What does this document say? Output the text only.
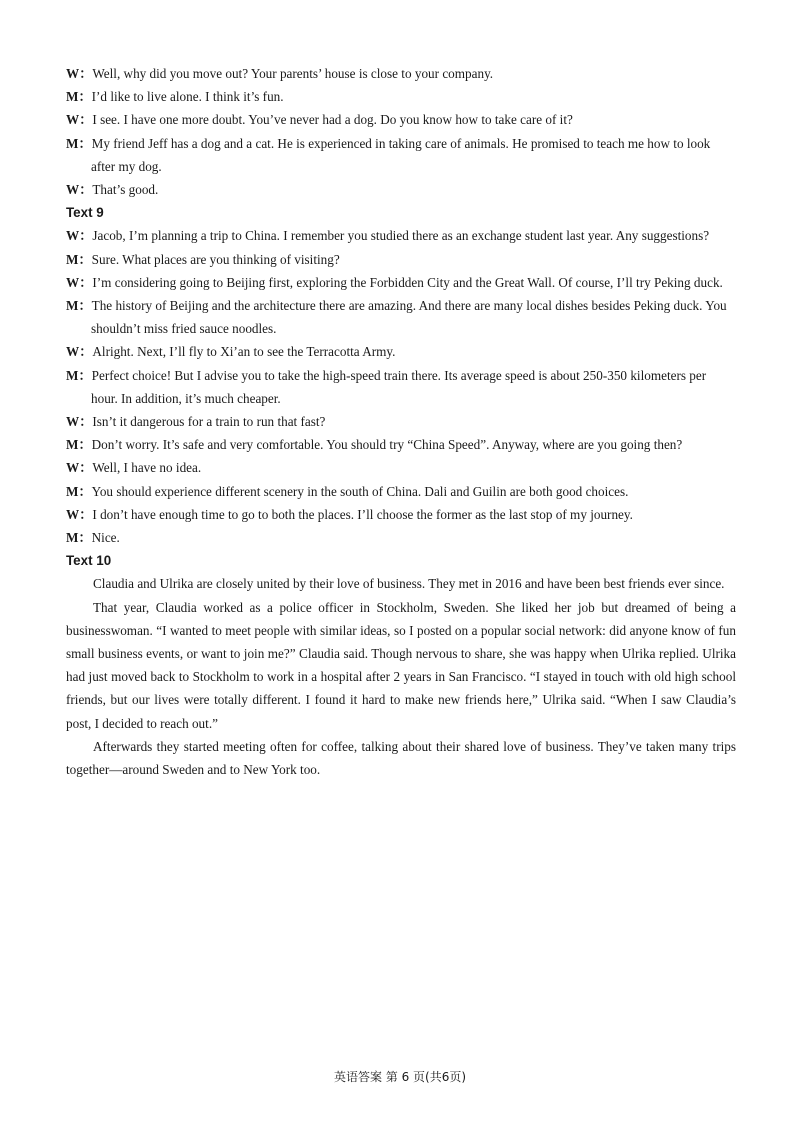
W：Well, why did you move out? Your parents’ house is close to your company.
M：I’d like to live alone. I think it’s fun.
W：I see. I have one more doubt. You’ve never had a dog. Do you know how to take care of it?
M：My friend Jeff has a dog and a cat. He is experienced in taking care of animals. He promised to teach me how to look after my dog.
W：That’s good.
Text 9
W：Jacob, I’m planning a trip to China. I remember you studied there as an exchange student last year. Any suggestions?
M：Sure. What places are you thinking of visiting?
W：I’m considering going to Beijing first, exploring the Forbidden City and the Great Wall. Of course, I’ll try Peking duck.
M：The history of Beijing and the architecture there are amazing. And there are many local dishes besides Peking duck. You shouldn’t miss fried sauce noodles.
W：Alright. Next, I’ll fly to Xi’an to see the Terracotta Army.
M：Perfect choice! But I advise you to take the high-speed train there. Its average speed is about 250-350 kilometers per hour. In addition, it’s much cheaper.
W：Isn’t it dangerous for a train to run that fast?
M：Don’t worry. It’s safe and very comfortable. You should try “China Speed”. Anyway, where are you going then?
W：Well, I have no idea.
M：You should experience different scenery in the south of China. Dali and Guilin are both good choices.
W：I don’t have enough time to go to both the places. I’ll choose the former as the last stop of my journey.
M：Nice.
Text 10
Claudia and Ulrika are closely united by their love of business. They met in 2016 and have been best friends ever since.
That year, Claudia worked as a police officer in Stockholm, Sweden. She liked her job but dreamed of being a businesswoman. “I wanted to meet people with similar ideas, so I posted on a popular social network: did anyone know of fun small business events, or want to join me?” Claudia said. Though nervous to share, she was happy when Ulrika replied. Ulrika had just moved back to Stockholm to work in a hospital after 2 years in San Francisco. “I stayed in touch with old high school friends, but our lives were totally different. I found it hard to make new friends here,” Ulrika said. “When I saw Claudia’s post, I decided to reach out.”
Afterwards they started meeting often for coffee, talking about their shared love of business. They’ve taken many trips together—around Sweden and to New York too.
英语答案 第 6 页(共6页)
